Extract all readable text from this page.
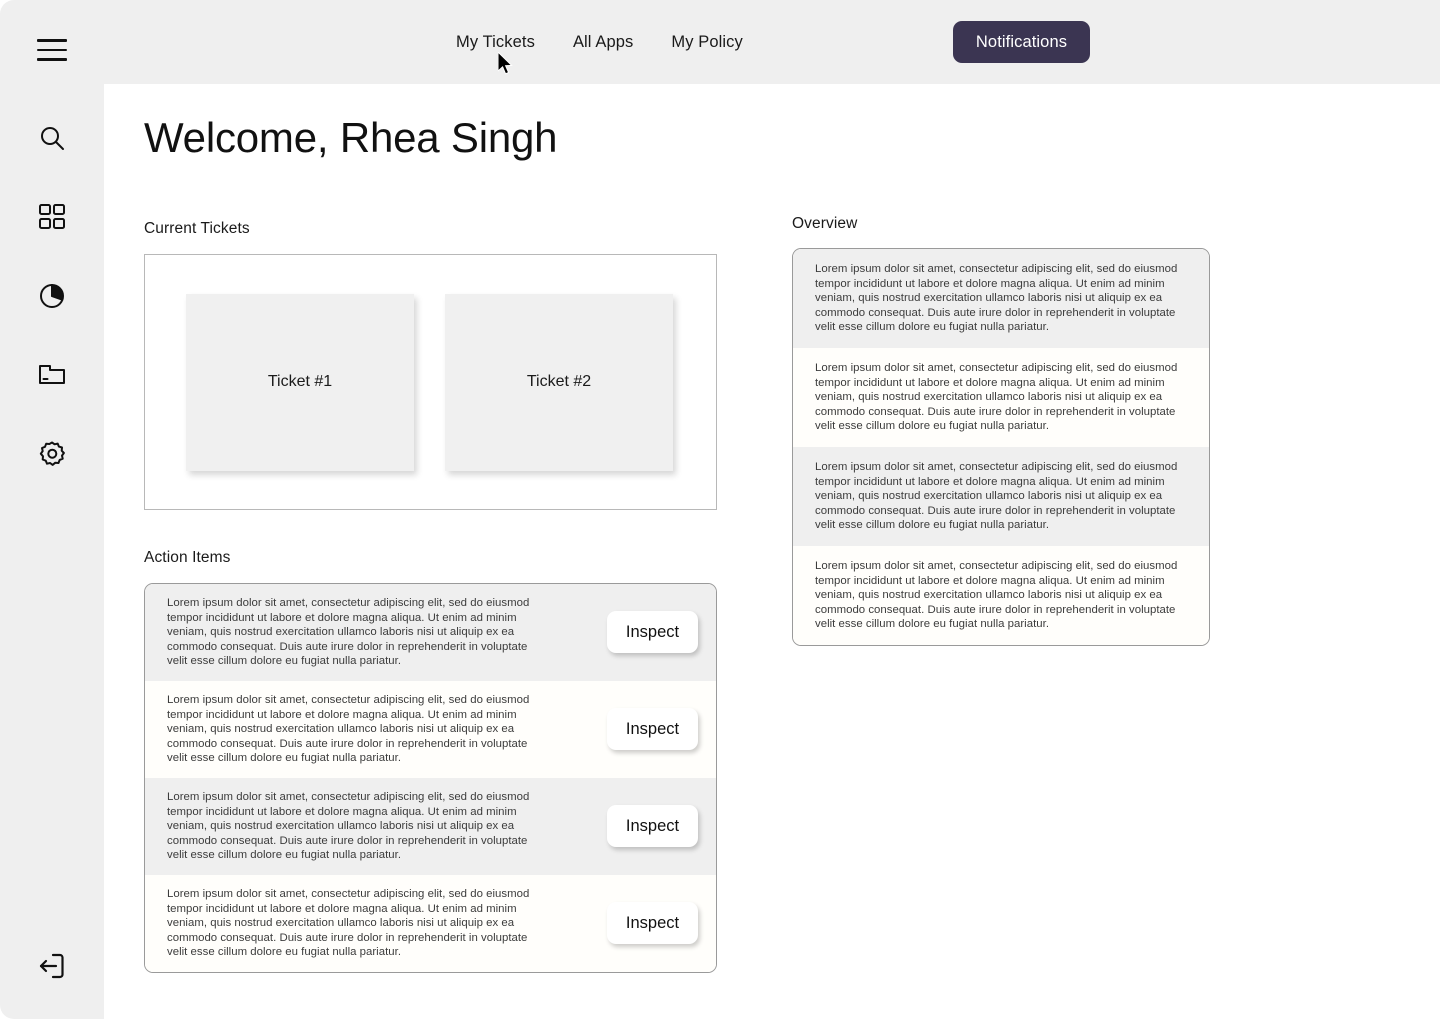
My Tickets All Apps My Policy	Notifications
Welcome, Rhea Singh
Current Tickets
Ticket #1	Ticket #2
Action Items

Lorem ipsum dolor sit amet, consectetur adipiscing elit, sed do eiusmod tempor incididunt ut labore et dolore magna aliqua. Ut enim ad minim veniam, quis nostrud exercitation ullamco laboris nisi ut aliquip ex ea commodo consequat. Duis aute irure dolor in reprehenderit in voluptate velit esse cillum dolore eu fugiat nulla pariatur.

Inspect

Lorem ipsum dolor sit amet, consectetur adipiscing elit, sed do eiusmod tempor incididunt ut labore et dolore magna aliqua. Ut enim ad minim veniam, quis nostrud exercitation ullamco laboris nisi ut aliquip ex ea commodo consequat. Duis aute irure dolor in reprehenderit in voluptate velit esse cillum dolore eu fugiat nulla pariatur.

Inspect

Lorem ipsum dolor sit amet, consectetur adipiscing elit, sed do eiusmod tempor incididunt ut labore et dolore magna aliqua. Ut enim ad minim veniam, quis nostrud exercitation ullamco laboris nisi ut aliquip ex ea commodo consequat. Duis aute irure dolor in reprehenderit in voluptate velit esse cillum dolore eu fugiat nulla pariatur.

Inspect

Lorem ipsum dolor sit amet, consectetur adipiscing elit, sed do eiusmod tempor incididunt ut labore et dolore magna aliqua. Ut enim ad minim veniam, quis nostrud exercitation ullamco laboris nisi ut aliquip ex ea commodo consequat. Duis aute irure dolor in reprehenderit in voluptate velit esse cillum dolore eu fugiat nulla pariatur.

Inspect
Overview

Lorem ipsum dolor sit amet, consectetur adipiscing elit, sed do eiusmod tempor incididunt ut labore et dolore magna aliqua. Ut enim ad minim veniam, quis nostrud exercitation ullamco laboris nisi ut aliquip ex ea commodo consequat. Duis aute irure dolor in reprehenderit in voluptate velit esse cillum dolore eu fugiat nulla pariatur.

Lorem ipsum dolor sit amet, consectetur adipiscing elit, sed do eiusmod tempor incididunt ut labore et dolore magna aliqua. Ut enim ad minim veniam, quis nostrud exercitation ullamco laboris nisi ut aliquip ex ea commodo consequat. Duis aute irure dolor in reprehenderit in voluptate velit esse cillum dolore eu fugiat nulla pariatur.

Lorem ipsum dolor sit amet, consectetur adipiscing elit, sed do eiusmod tempor incididunt ut labore et dolore magna aliqua. Ut enim ad minim veniam, quis nostrud exercitation ullamco laboris nisi ut aliquip ex ea commodo consequat. Duis aute irure dolor in reprehenderit in voluptate velit esse cillum dolore eu fugiat nulla pariatur.

Lorem ipsum dolor sit amet, consectetur adipiscing elit, sed do eiusmod tempor incididunt ut labore et dolore magna aliqua. Ut enim ad minim veniam, quis nostrud exercitation ullamco laboris nisi ut aliquip ex ea commodo consequat. Duis aute irure dolor in reprehenderit in voluptate velit esse cillum dolore eu fugiat nulla pariatur.
